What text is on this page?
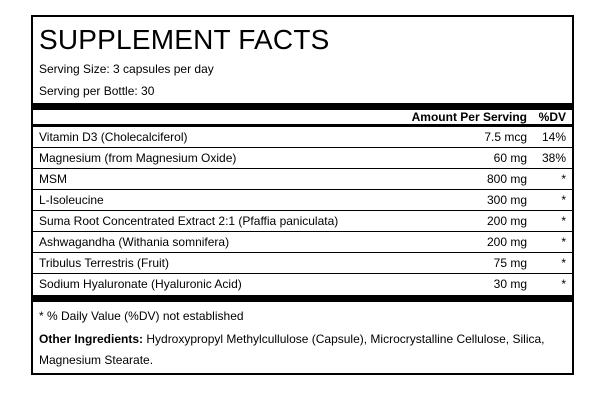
SUPPLEMENT FACTS
Serving Size: 3 capsules per day
Serving per Bottle: 30
Amount Per Serving %DV
Vitamin D3 (Cholecalciferol)	7.5 mcg 14%
Magnesium (from Magnesium Oxide)	60 mg 38%
MSM	800 mg	*
L-Isoleucine	300 mg	*
Suma Root Concentrated Extract 2:1 (Pfaffia paniculata)	200 mg	*
Ashwagandha (Withania somnifera)	200 mg	*
Tribulus Terrestris (Fruit)	75 mg	*
Sodium Hyaluronate (Hyaluronic Acid)	30 mg	*
* % Daily Value (%DV) not established
Other Ingredients: Hydroxypropyl Methylcullulose (Capsule), Microcrystalline Cellulose, Silica, Magnesium Stearate.
